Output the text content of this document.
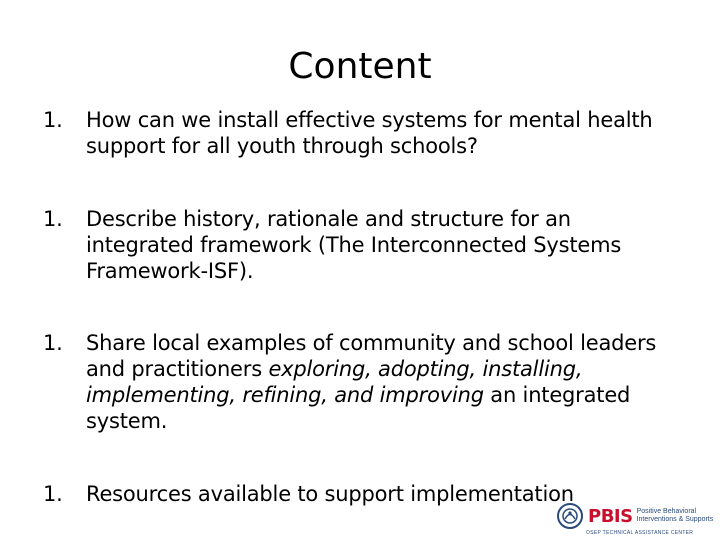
Content
1.	How can we install effective systems for mental health support for all youth through schools?
1.	Describe history, rationale and structure for an integrated framework (The Interconnected Systems Framework-ISF).
1.	Share local examples of community and school leaders and practitioners exploring, adopting, installing, implementing, refining, and improving an integrated system.
1.	Resources available to support implementation
PBIS Positive Behavioral
Interventions & Supports
OSEP TECHNICAL ASSISTANCE CENTER
